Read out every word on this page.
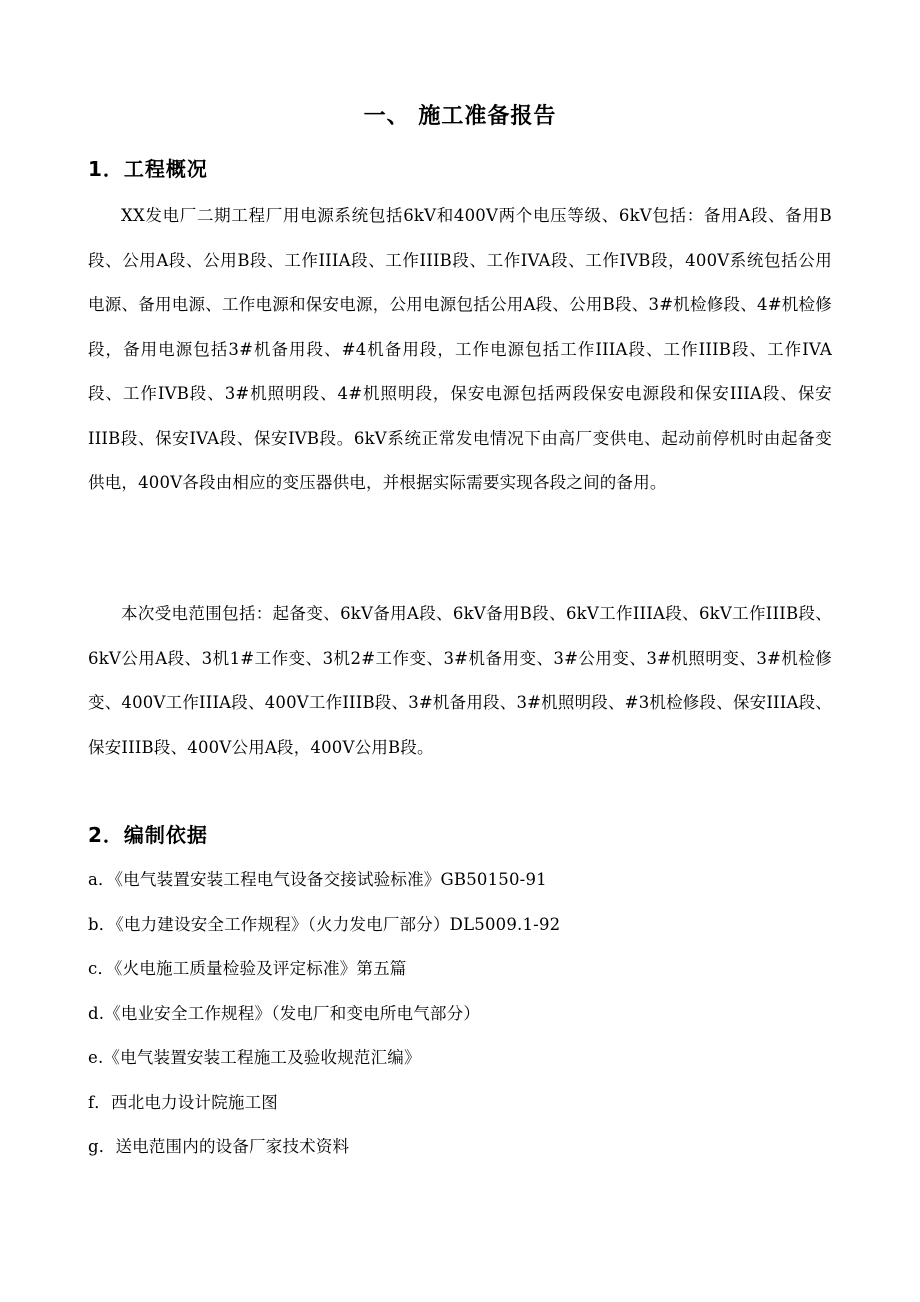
一、 施工准备报告
1．工程概况

XX发电厂二期工程厂用电源系统包括6kV和400V两个电压等级、6kV包括：备用A段、备用B段、公用A段、公用B段、工作IIIA段、工作IIIB段、工作IVA段、工作IVB段，400V系统包括公用电源、备用电源、工作电源和保安电源，公用电源包括公用A段、公用B段、3#机检修段、4#机检修段，备用电源包括3#机备用段、#4机备用段，工作电源包括工作IIIA段、工作IIIB段、工作IVA段、工作IVB段、3#机照明段、4#机照明段，保安电源包括两段保安电源段和保安IIIA段、保安IIIB段、保安IVA段、保安IVB段。6kV系统正常发电情况下由高厂变供电、起动前停机时由起备变供电，400V各段由相应的变压器供电，并根据实际需要实现各段之间的备用。

本次受电范围包括：起备变、6kV备用A段、6kV备用B段、6kV工作IIIA段、6kV工作IIIB段、6kV公用A段、3机1#工作变、3机2#工作变、3#机备用变、3#公用变、3#机照明变、3#机检修变、400V工作IIIA段、400V工作IIIB段、3#机备用段、3#机照明段、#3机检修段、保安IIIA段、保安IIIB段、400V公用A段，400V公用B段。

2．编制依据
a．《电气装置安装工程电气设备交接试验标准》GB50150-91
b．《电力建设安全工作规程》（火力发电厂部分）DL5009.1-92
c．《火电施工质量检验及评定标准》第五篇
d.《电业安全工作规程》（发电厂和变电所电气部分）
e.《电气装置安装工程施工及验收规范汇编》
f．西北电力设计院施工图
g．送电范围内的设备厂家技术资料
